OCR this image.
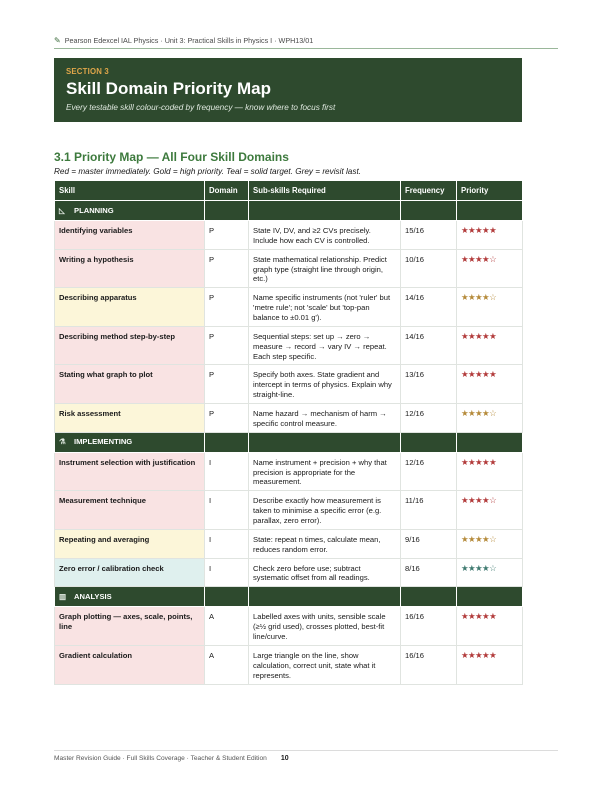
✎ Pearson Edexcel IAL Physics · Unit 3: Practical Skills in Physics I · WPH13/01
SECTION 3
Skill Domain Priority Map
Every testable skill colour-coded by frequency — know where to focus first
3.1 Priority Map — All Four Skill Domains
Red = master immediately. Gold = high priority. Teal = solid target. Grey = revisit last.
Skill	Domain	Sub-skills Required	Frequency	Priority
◺ PLANNING				
Identifying variables	P	State IV, DV, and ≥2 CVs precisely. Include how each CV is controlled.	15/16	★★★★★
Writing a hypothesis	P	State mathematical relationship. Predict graph type (straight line through origin, etc.)	10/16	★★★★☆
Describing apparatus	P	Name specific instruments (not 'ruler' but 'metre rule'; not 'scale' but 'top-pan balance to ±0.01 g').	14/16	★★★★☆
Describing method step-by-step	P	Sequential steps: set up → zero → measure → record → vary IV → repeat. Each step specific.	14/16	★★★★★
Stating what graph to plot	P	Specify both axes. State gradient and intercept in terms of physics. Explain why straight-line.	13/16	★★★★★
Risk assessment	P	Name hazard → mechanism of harm → specific control measure.	12/16	★★★★☆
⚗ IMPLEMENTING				
Instrument selection with justification	I	Name instrument + precision + why that precision is appropriate for the measurement.	12/16	★★★★★
Measurement technique	I	Describe exactly how measurement is taken to minimise a specific error (e.g. parallax, zero error).	11/16	★★★★☆
Repeating and averaging	I	State: repeat n times, calculate mean, reduces random error.	9/16	★★★★☆
Zero error / calibration check	I	Check zero before use; subtract systematic offset from all readings.	8/16	★★★★☆
▥ ANALYSIS				
Graph plotting — axes, scale, points, line	A	Labelled axes with units, sensible scale (≥½ grid used), crosses plotted, best-fit line/curve.	16/16	★★★★★
Gradient calculation	A	Large triangle on the line, show calculation, correct unit, state what it represents.	16/16	★★★★★
Master Revision Guide · Full Skills Coverage · Teacher & Student Edition 10
